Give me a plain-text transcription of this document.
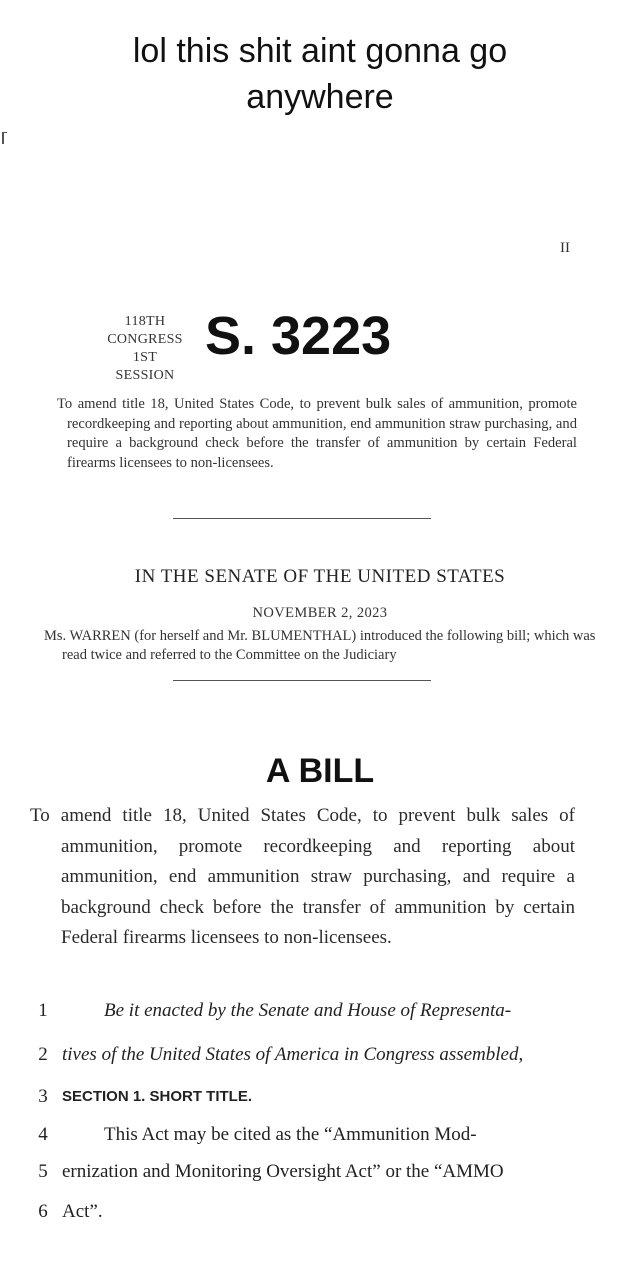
lol this shit aint gonna go anywhere
II
118TH CONGRESS
1ST SESSION
S. 3223
To amend title 18, United States Code, to prevent bulk sales of ammunition, promote recordkeeping and reporting about ammunition, end ammunition straw purchasing, and require a background check before the transfer of ammunition by certain Federal firearms licensees to non-licensees.
IN THE SENATE OF THE UNITED STATES
NOVEMBER 2, 2023
Ms. WARREN (for herself and Mr. BLUMENTHAL) introduced the following bill; which was read twice and referred to the Committee on the Judiciary
A BILL
To amend title 18, United States Code, to prevent bulk sales of ammunition, promote recordkeeping and reporting about ammunition, end ammunition straw purchasing, and require a background check before the transfer of ammunition by certain Federal firearms licensees to non-licensees.
1	Be it enacted by the Senate and House of Representa-
2 tives of the United States of America in Congress assembled,
3 SECTION 1. SHORT TITLE.
4	This Act may be cited as the “Ammunition Mod-
5 ernization and Monitoring Oversight Act” or the “AMMO
6 Act”.
